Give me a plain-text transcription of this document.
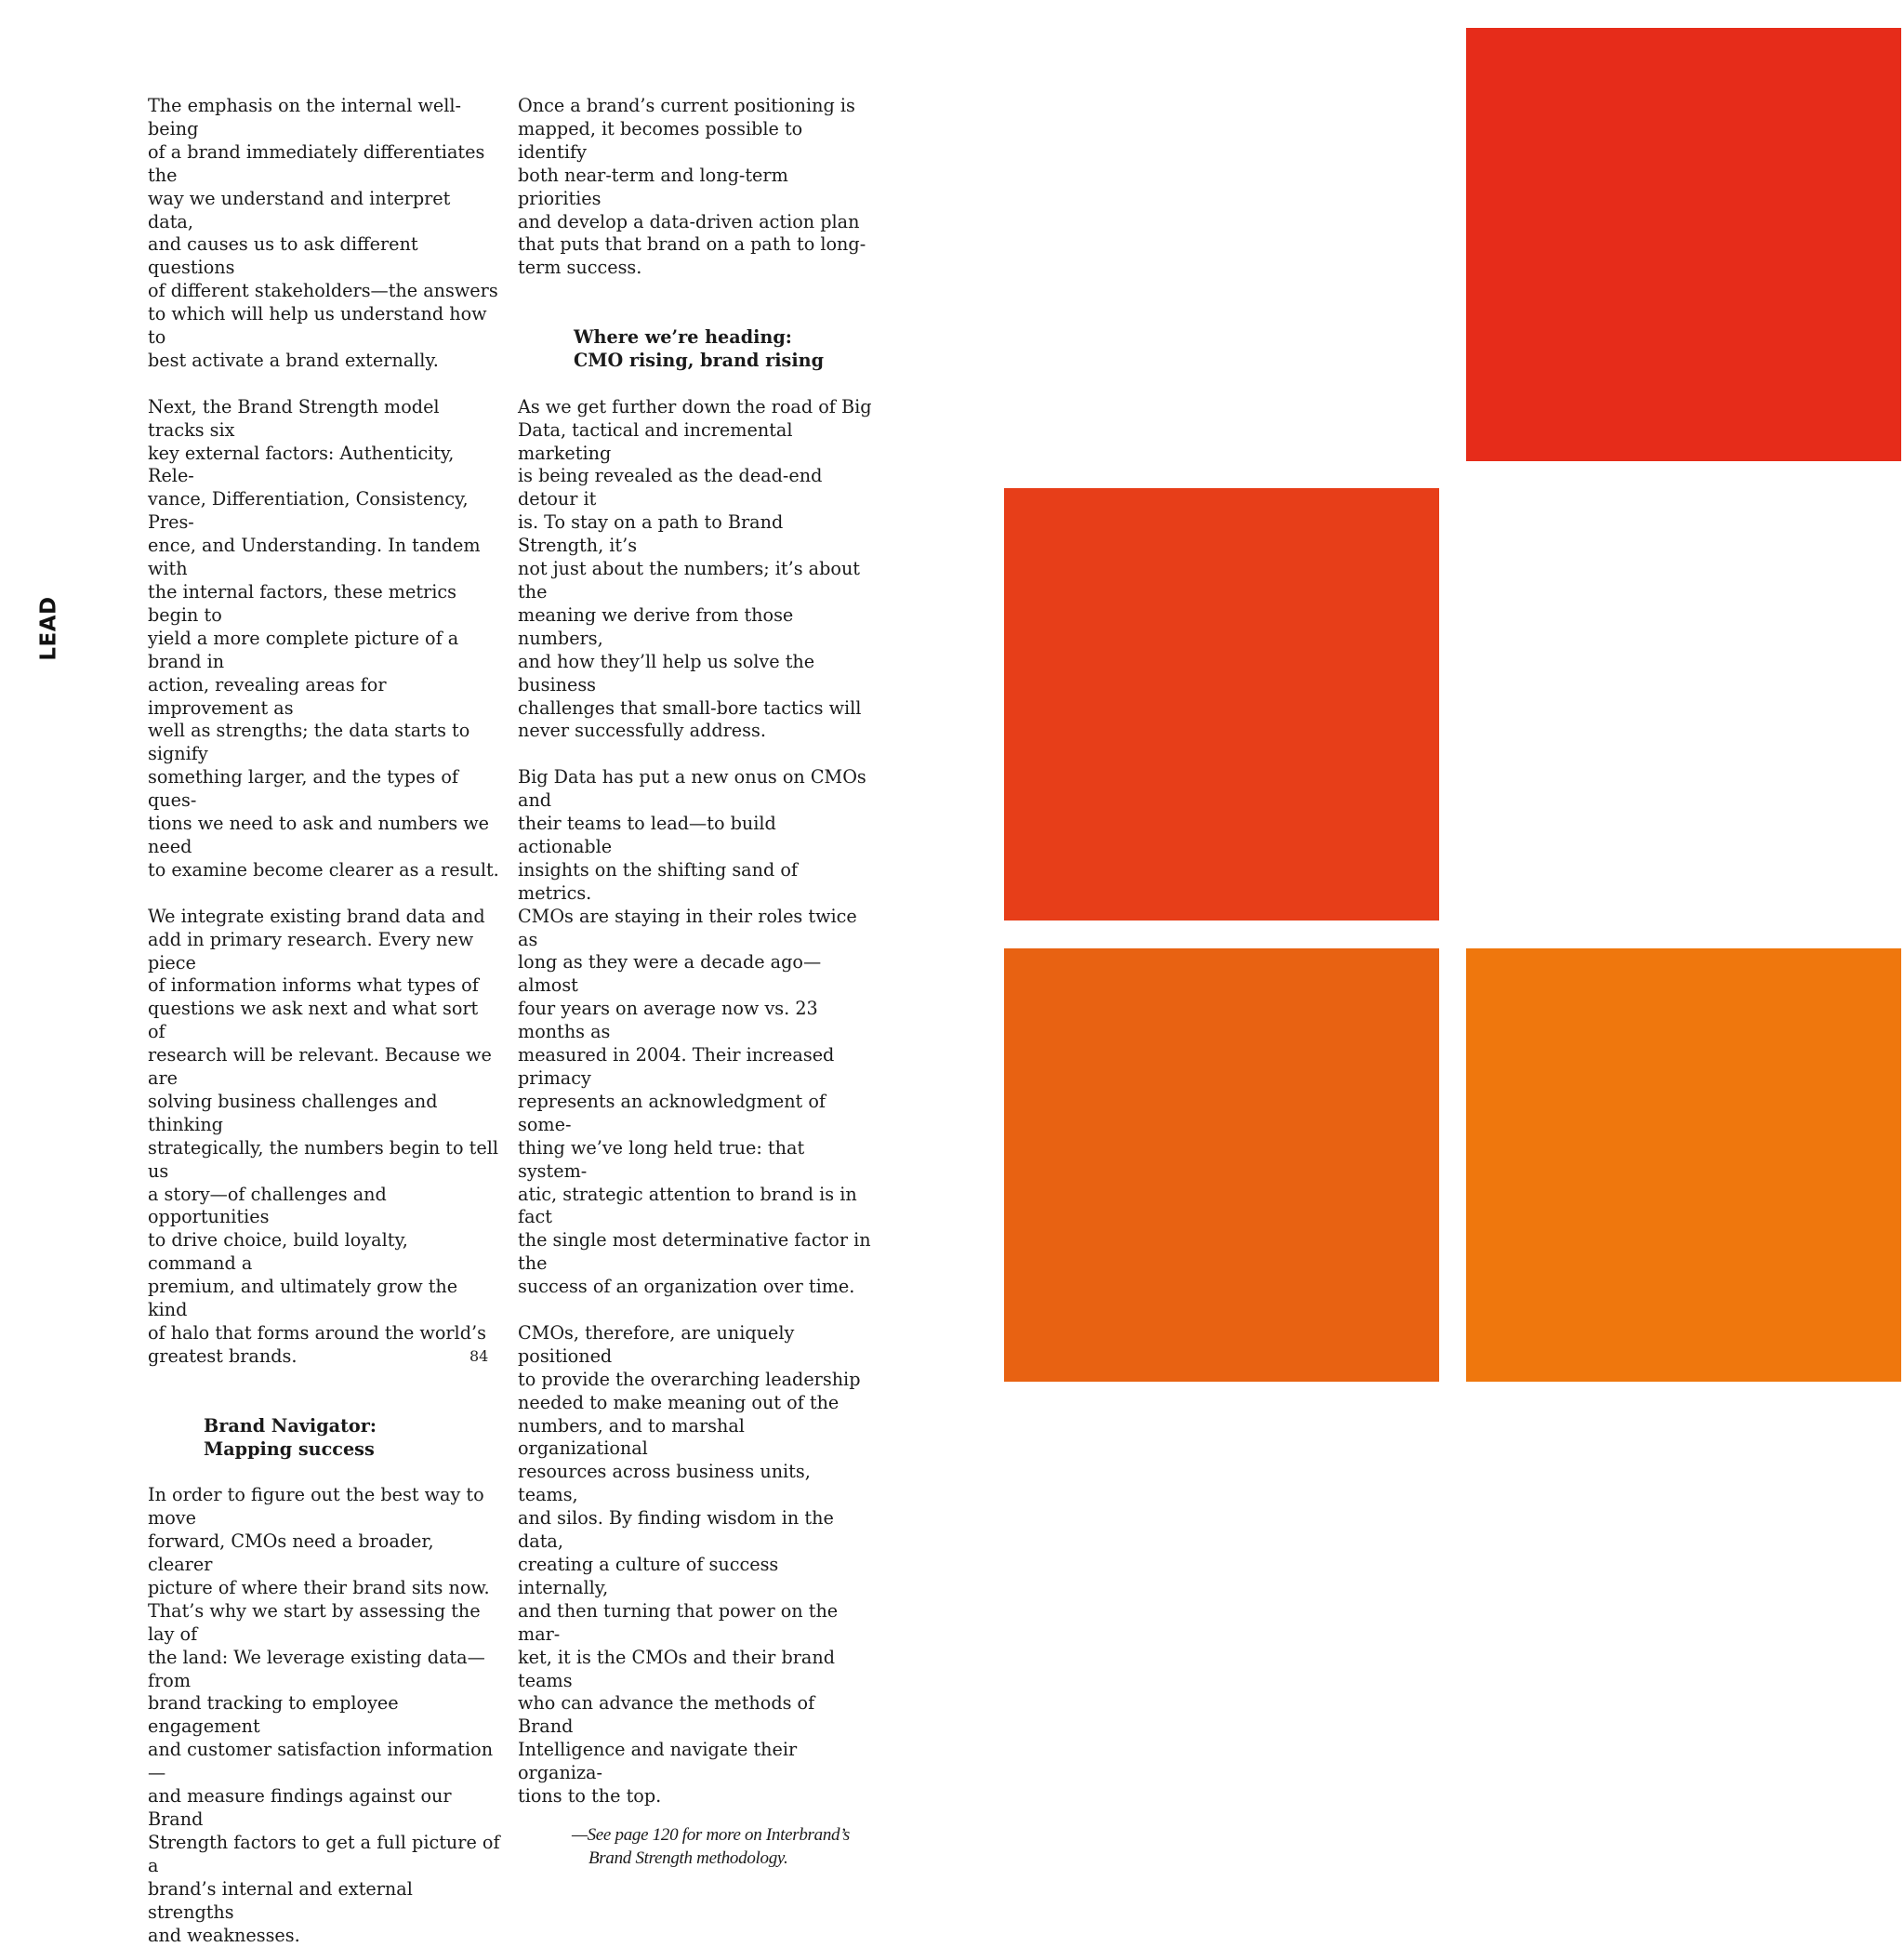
LEAD

The emphasis on the internal well-being
of a brand immediately differentiates the
way we understand and interpret data,
and causes us to ask different questions
of different stakeholders—the answers
to which will help us understand how to
best activate a brand externally.

Next, the Brand Strength model tracks six
key external factors: Authenticity, Rele-
vance, Differentiation, Consistency, Pres-
ence, and Understanding. In tandem with
the internal factors, these metrics begin to
yield a more complete picture of a brand in
action, revealing areas for improvement as
well as strengths; the data starts to signify
something larger, and the types of ques-
tions we need to ask and numbers we need
to examine become clearer as a result.

We integrate existing brand data and
add in primary research. Every new piece
of information informs what types of
questions we ask next and what sort of
research will be relevant. Because we are
solving business challenges and thinking
strategically, the numbers begin to tell us
a story—of challenges and opportunities
to drive choice, build loyalty, command a
premium, and ultimately grow the kind
of halo that forms around the world’s
greatest brands.

Brand Navigator:
Mapping success

In order to figure out the best way to move
forward, CMOs need a broader, clearer
picture of where their brand sits now.
That’s why we start by assessing the lay of
the land: We leverage existing data—from
brand tracking to employee engagement
and customer satisfaction information—
and measure findings against our Brand
Strength factors to get a full picture of a
brand’s internal and external strengths
and weaknesses.

Once a brand’s current positioning is
mapped, it becomes possible to identify
both near-term and long-term priorities
and develop a data-driven action plan
that puts that brand on a path to long-
term success.

Where we’re heading:
CMO rising, brand rising

As we get further down the road of Big
Data, tactical and incremental marketing
is being revealed as the dead-end detour it
is. To stay on a path to Brand Strength, it’s
not just about the numbers; it’s about the
meaning we derive from those numbers,
and how they’ll help us solve the business
challenges that small-bore tactics will
never successfully address.

Big Data has put a new onus on CMOs and
their teams to lead—to build actionable
insights on the shifting sand of metrics.
CMOs are staying in their roles twice as
long as they were a decade ago—almost
four years on average now vs. 23 months as
measured in 2004. Their increased primacy
represents an acknowledgment of some-
thing we’ve long held true: that system-
atic, strategic attention to brand is in fact
the single most determinative factor in the
success of an organization over time.

CMOs, therefore, are uniquely positioned
to provide the overarching leadership
needed to make meaning out of the
numbers, and to marshal organizational
resources across business units, teams,
and silos. By finding wisdom in the data,
creating a culture of success internally,
and then turning that power on the mar-
ket, it is the CMOs and their brand teams
who can advance the methods of Brand
Intelligence and navigate their organiza-
tions to the top.

—See page 120 for more on Interbrand’s
Brand Strength methodology.

84
